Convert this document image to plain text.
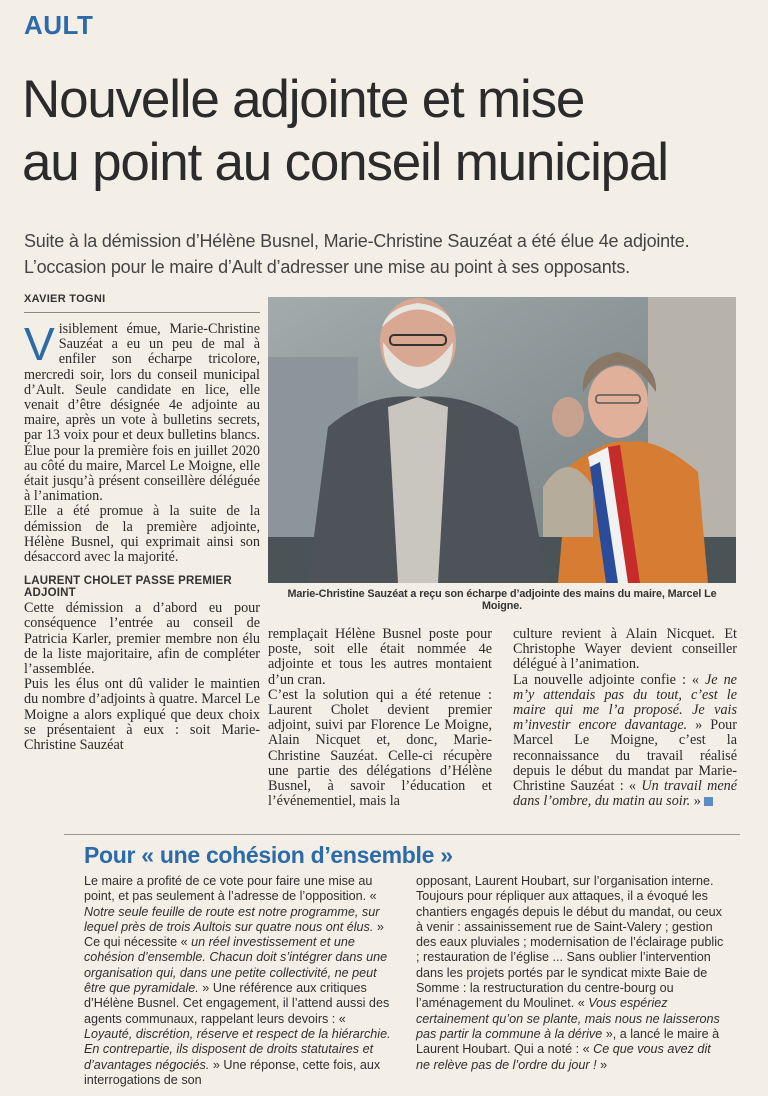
AULT
Nouvelle adjointe et mise
au point au conseil municipal
Suite à la démission d’Hélène Busnel, Marie-Christine Sauzéat a été élue 4e adjointe.
L’occasion pour le maire d’Ault d’adresser une mise au point à ses opposants.
XAVIER TOGNI

Visiblement émue, Marie-Christine Sauzéat a eu un peu de mal à enfiler son écharpe tricolore, mercredi soir, lors du conseil municipal d’Ault. Seule candidate en lice, elle venait d’être désignée 4e adjointe au maire, après un vote à bulletins secrets, par 13 voix pour et deux bulletins blancs. Élue pour la première fois en juillet 2020 au côté du maire, Marcel Le Moigne, elle était jusqu’à présent conseillère déléguée à l’animation.

Elle a été promue à la suite de la démission de la première adjointe, Hélène Busnel, qui exprimait ainsi son désaccord avec la majorité.

LAURENT CHOLET PASSE PREMIER ADJOINT

Cette démission a d’abord eu pour conséquence l’entrée au conseil de Patricia Karler, premier membre non élu de la liste majoritaire, afin de compléter l’assemblée.

Puis les élus ont dû valider le maintien du nombre d’adjoints à quatre. Marcel Le Moigne a alors expliqué que deux choix se présentaient à eux : soit Marie-Christine Sauzéat

Marie-Christine Sauzéat a reçu son écharpe d’adjointe des mains du maire, Marcel Le Moigne.

remplaçait Hélène Busnel poste pour poste, soit elle était nommée 4e adjointe et tous les autres montaient d’un cran.

C’est la solution qui a été retenue : Laurent Cholet devient premier adjoint, suivi par Florence Le Moigne, Alain Nicquet et, donc, Marie-Christine Sauzéat. Celle-ci récupère une partie des délégations d’Hélène Busnel, à savoir l’éducation et l’événementiel, mais la

culture revient à Alain Nicquet. Et Christophe Wayer devient conseiller délégué à l’animation.

La nouvelle adjointe confie : « Je ne m’y attendais pas du tout, c’est le maire qui me l’a proposé. Je vais m’investir encore davantage. » Pour Marcel Le Moigne, c’est la reconnaissance du travail réalisé depuis le début du mandat par Marie-Christine Sauzéat : « Un travail mené dans l’ombre, du matin au soir. »

Pour « une cohésion d’ensemble »
Le maire a profité de ce vote pour faire une mise au point, et pas seulement à l’adresse de l’opposition. « Notre seule feuille de route est notre programme, sur lequel près de trois Aultois sur quatre nous ont élus. » Ce qui nécessite « un réel investissement et une cohésion d’ensemble. Chacun doit s’intégrer dans une organisation qui, dans une petite collectivité, ne peut être que pyramidale. » Une référence aux critiques d’Hélène Busnel. Cet engagement, il l’attend aussi des agents communaux, rappelant leurs devoirs : « Loyauté, discrétion, réserve et respect de la hiérarchie. En contrepartie, ils disposent de droits statutaires et d’avantages négociés. » Une réponse, cette fois, aux interrogations de son
opposant, Laurent Houbart, sur l’organisation interne. Toujours pour répliquer aux attaques, il a évoqué les chantiers engagés depuis le début du mandat, ou ceux à venir : assainissement rue de Saint-Valery ; gestion des eaux pluviales ; modernisation de l’éclairage public ; restauration de l’église ... Sans oublier l’intervention dans les projets portés par le syndicat mixte Baie de Somme : la restructuration du centre-bourg ou l’aménagement du Moulinet. « Vous espériez certainement qu’on se plante, mais nous ne laisserons pas partir la commune à la dérive », a lancé le maire à Laurent Houbart. Qui a noté : « Ce que vous avez dit ne relève pas de l’ordre du jour ! »
